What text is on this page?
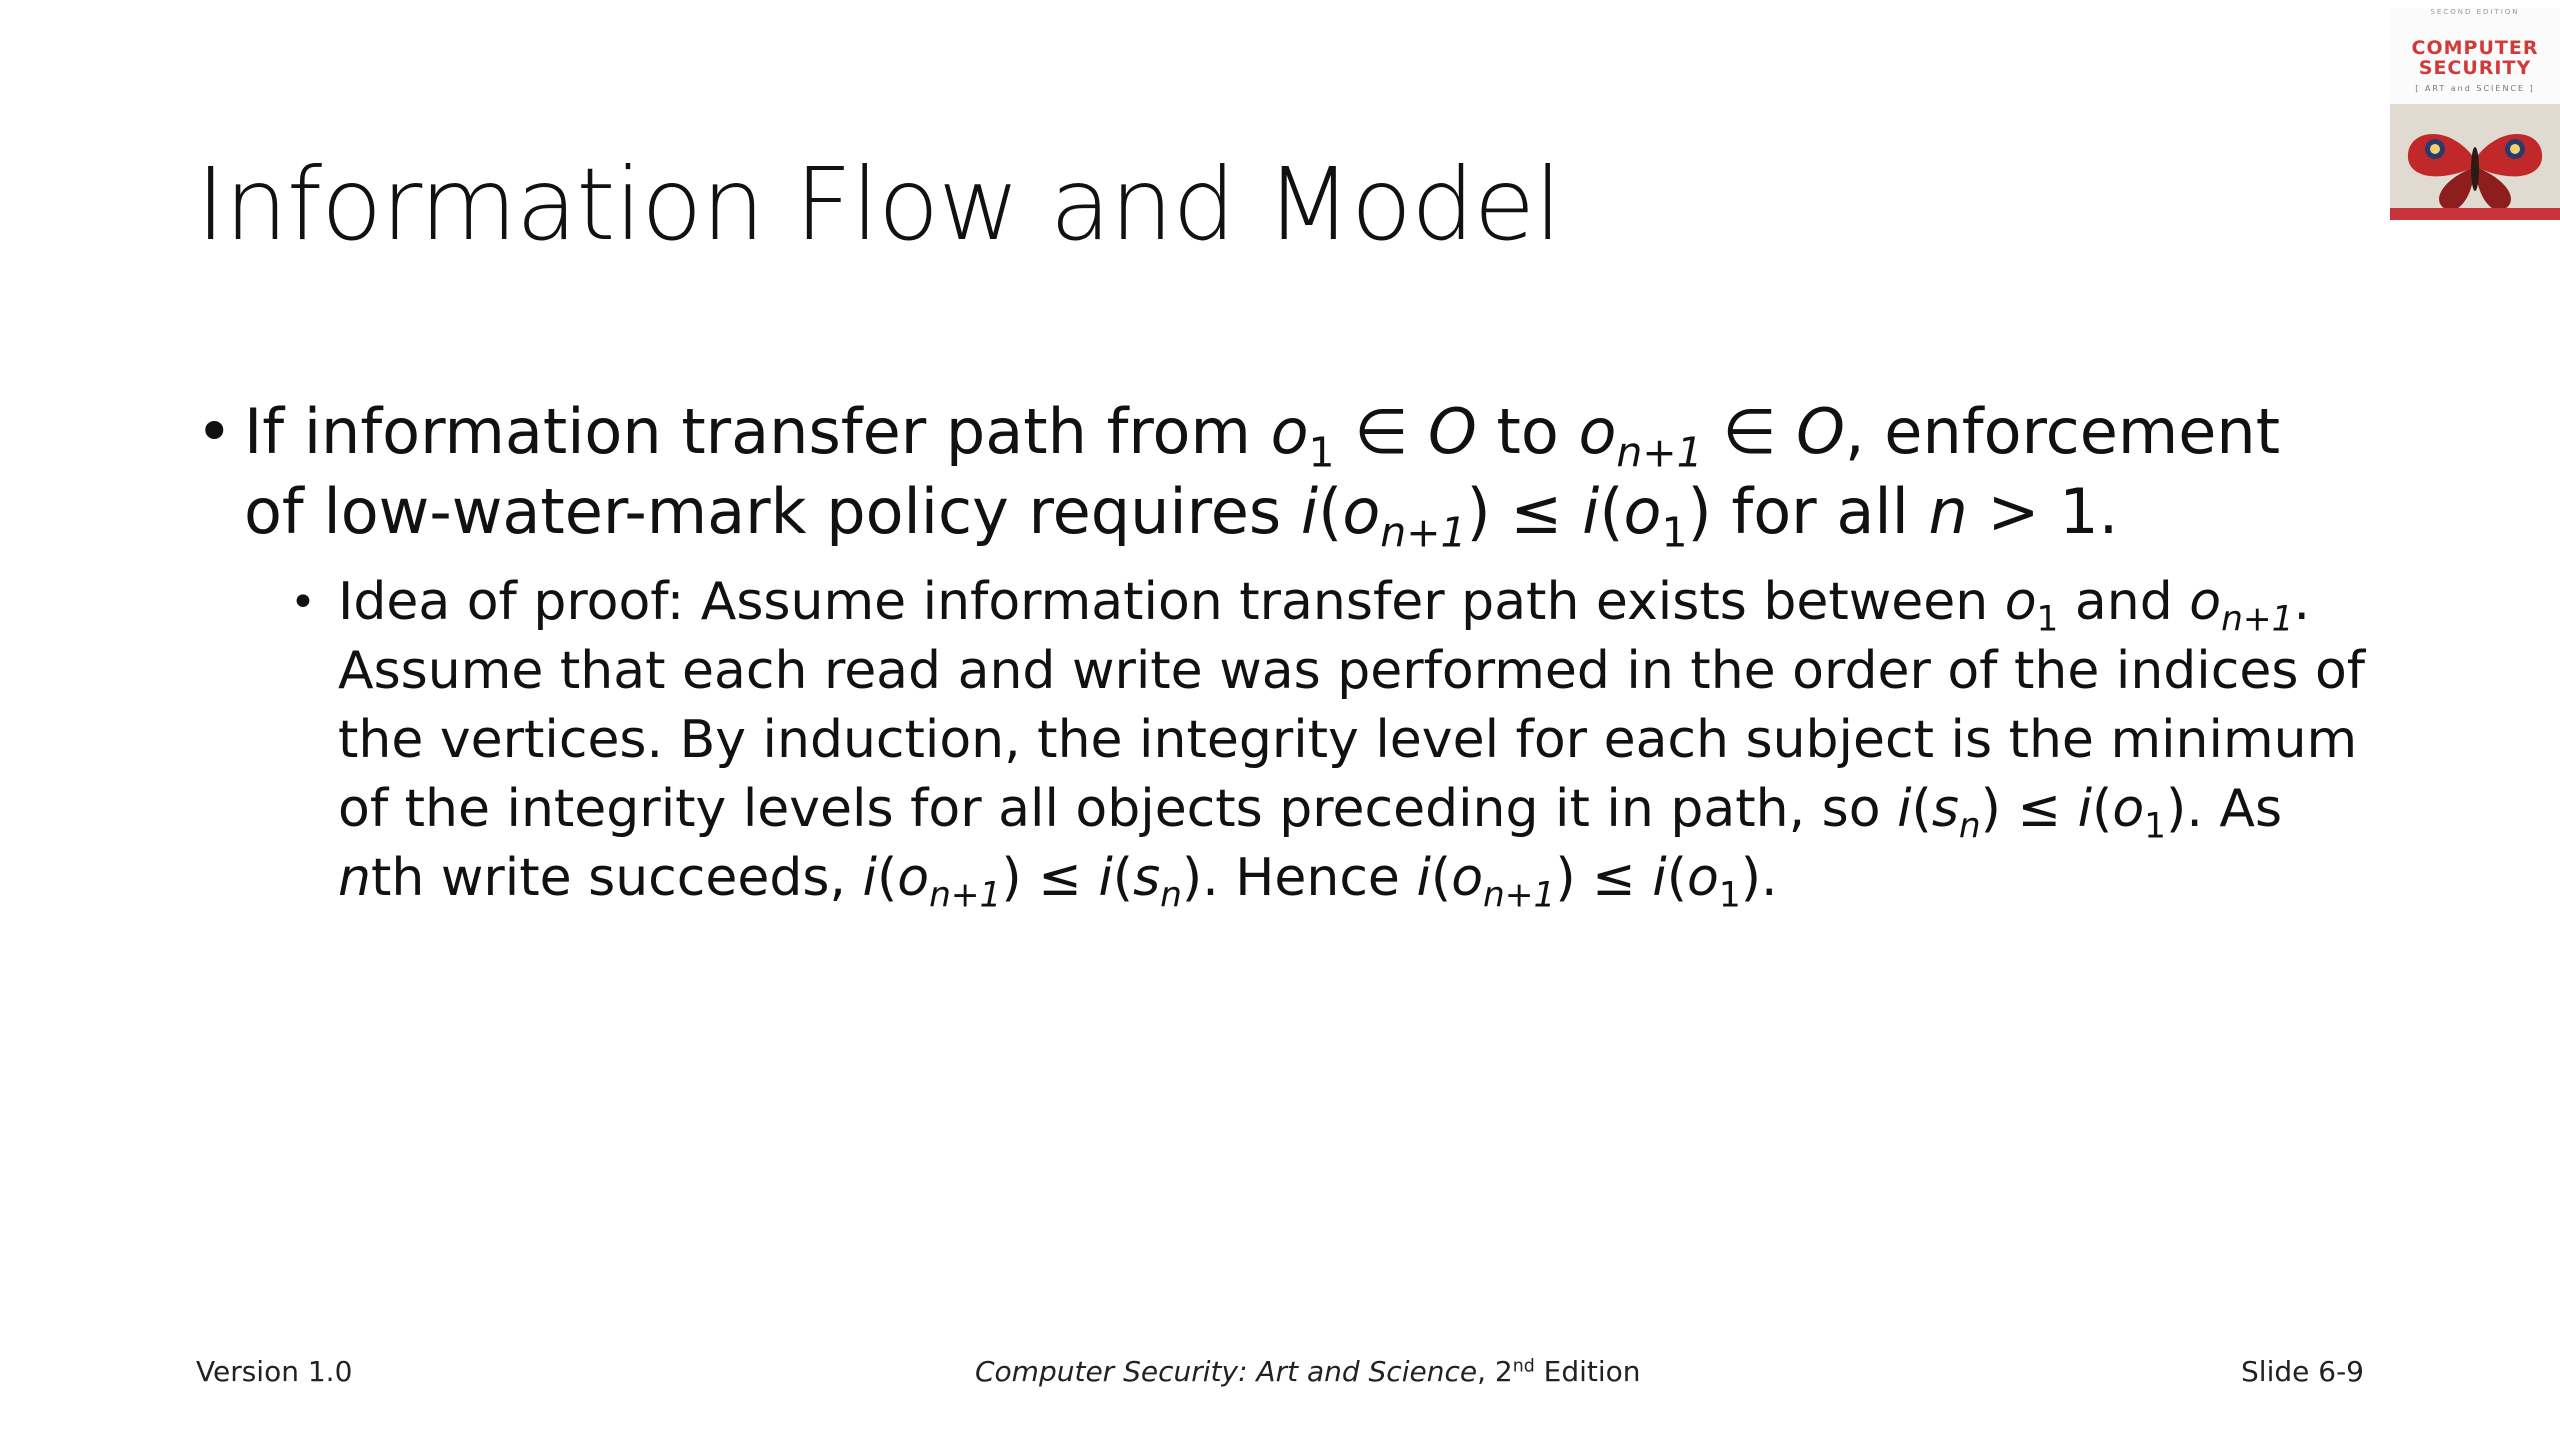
Information Flow and Model
• If information transfer path from $o_1$ ∈ O to $o_{n+1}$ ∈ O, enforcement of low-water-mark policy requires $i(o_{n+1}) \le i(o_1)$ for all n > 1.
• Idea of proof: Assume information transfer path exists between $o_1$ and $o_{n+1}$. Assume that each read and write was performed in the order of the indices of the vertices. By induction, the integrity level for each subject is the minimum of the integrity levels for all objects preceding it in path, so $i(s_n) \le i(o_1)$. As nth write succeeds, $i(o_{n+1}) \le i(s_n)$. Hence $i(o_{n+1}) \le i(o_1)$.
Version 1.0	Computer Security: Art and Science, 2nd Edition	Slide 6-9
SECOND EDITION
COMPUTER
SECURITY
[ ART and SCIENCE ]
